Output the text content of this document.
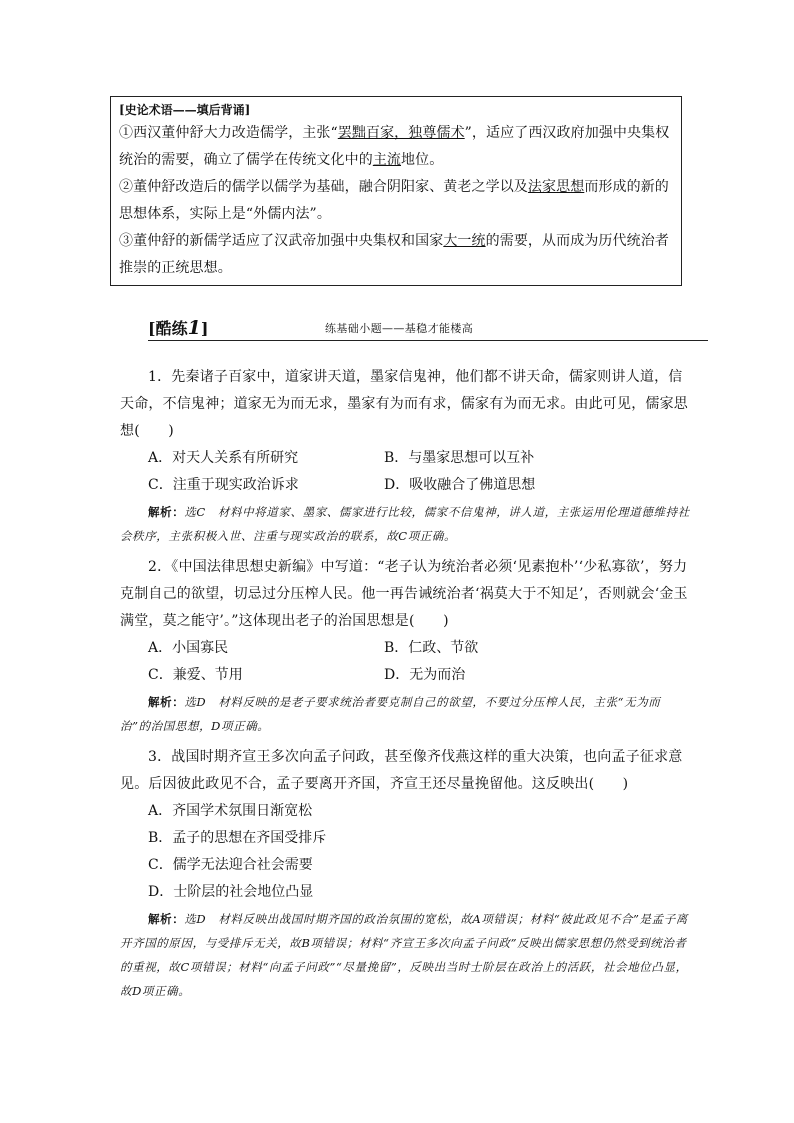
[史论术语——填后背诵]

①西汉董仲舒大力改造儒学，主张“罢黜百家，独尊儒术”，适应了西汉政府加强中央集权统治的需要，确立了儒学在传统文化中的主流地位。

②董仲舒改造后的儒学以儒学为基础，融合阴阳家、黄老之学以及法家思想而形成的新的思想体系，实际上是“外儒内法”。

③董仲舒的新儒学适应了汉武帝加强中央集权和国家大一统的需要，从而成为历代统治者推崇的正统思想。

[酷练1]	练基础小题——基稳才能楼高

1．先秦诸子百家中，道家讲天道，墨家信鬼神，他们都不讲天命，儒家则讲人道，信天命，不信鬼神；道家无为而无求，墨家有为而有求，儒家有为而无求。由此可见，儒家思想(　　)

A．对天人关系有所研究	B．与墨家思想可以互补
C．注重于现实政治诉求	D．吸收融合了佛道思想

解析：选C　材料中将道家、墨家、儒家进行比较，儒家不信鬼神，讲人道，主张运用伦理道德维持社会秩序，主张积极入世、注重与现实政治的联系，故C项正确。

2．《中国法律思想史新编》中写道：“老子认为统治者必须‘见素抱朴’‘少私寡欲’，努力克制自己的欲望，切忌过分压榨人民。他一再告诫统治者‘祸莫大于不知足’，否则就会‘金玉满堂，莫之能守’。”这体现出老子的治国思想是(　　)

A．小国寡民	B．仁政、节欲
C．兼爱、节用	D．无为而治

解析：选D　材料反映的是老子要求统治者要克制自己的欲望，不要过分压榨人民，主张“无为而治”的治国思想，D项正确。

3．战国时期齐宣王多次向孟子问政，甚至像齐伐燕这样的重大决策，也向孟子征求意见。后因彼此政见不合，孟子要离开齐国，齐宣王还尽量挽留他。这反映出(　　)

A．齐国学术氛围日渐宽松
B．孟子的思想在齐国受排斥
C．儒学无法迎合社会需要
D．士阶层的社会地位凸显

解析：选D　材料反映出战国时期齐国的政治氛围的宽松，故A项错误；材料“彼此政见不合”是孟子离开齐国的原因，与受排斥无关，故B项错误；材料“齐宣王多次向孟子问政”反映出儒家思想仍然受到统治者的重视，故C项错误；材料“向孟子问政”“尽量挽留”，反映出当时士阶层在政治上的活跃，社会地位凸显，故D项正确。
